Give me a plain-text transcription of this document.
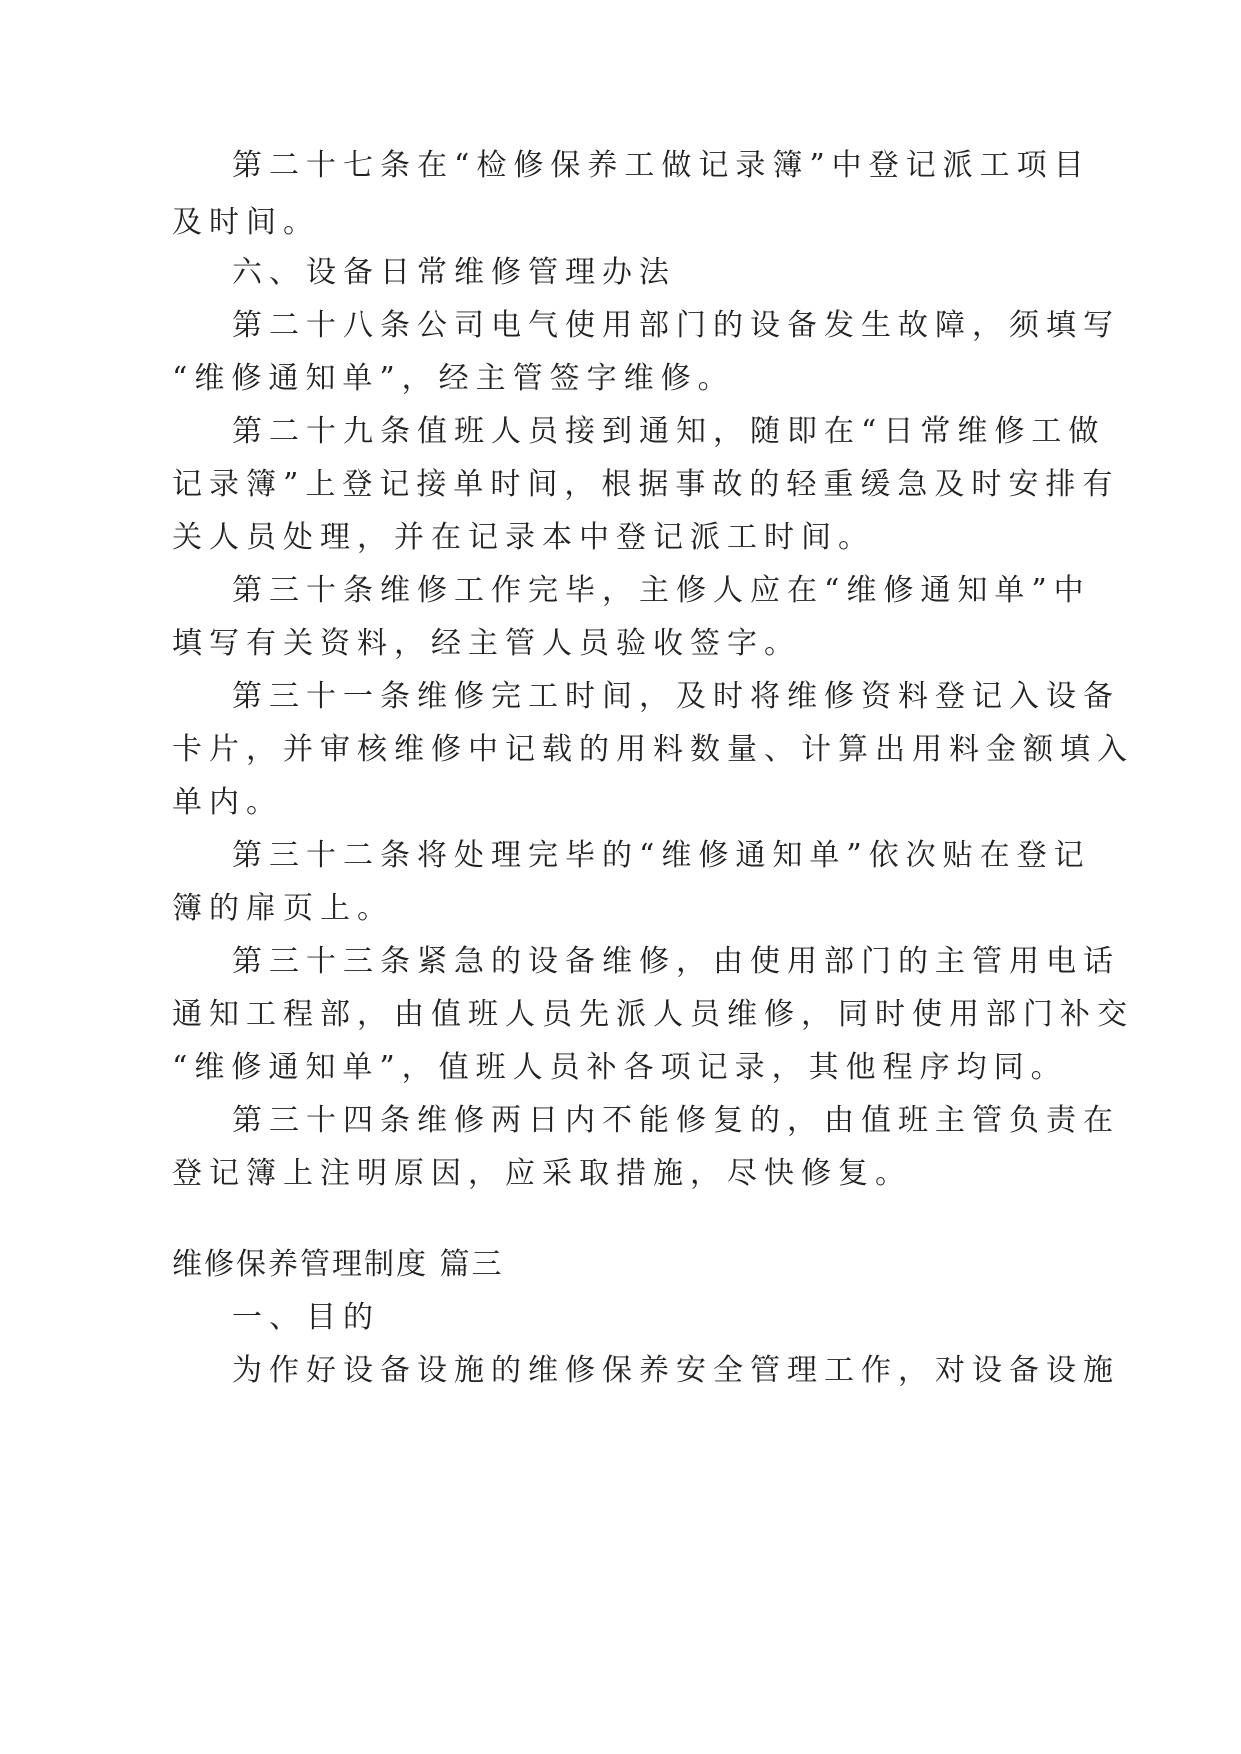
第二十七条在“检修保养工做记录簿”中登记派工项目
及时间。
六、设备日常维修管理办法
第二十八条公司电气使用部门的设备发生故障，须填写
“维修通知单”，经主管签字维修。
第二十九条值班人员接到通知，随即在“日常维修工做
记录簿”上登记接单时间，根据事故的轻重缓急及时安排有
关人员处理，并在记录本中登记派工时间。
第三十条维修工作完毕，主修人应在“维修通知单”中
填写有关资料，经主管人员验收签字。
第三十一条维修完工时间，及时将维修资料登记入设备
卡片，并审核维修中记载的用料数量、计算出用料金额填入
单内。
第三十二条将处理完毕的“维修通知单”依次贴在登记
簿的扉页上。
第三十三条紧急的设备维修，由使用部门的主管用电话
通知工程部，由值班人员先派人员维修，同时使用部门补交
“维修通知单”，值班人员补各项记录，其他程序均同。
第三十四条维修两日内不能修复的，由值班主管负责在
登记簿上注明原因，应采取措施，尽快修复。
维修保养管理制度 篇三
一、目的
为作好设备设施的维修保养安全管理工作，对设备设施
